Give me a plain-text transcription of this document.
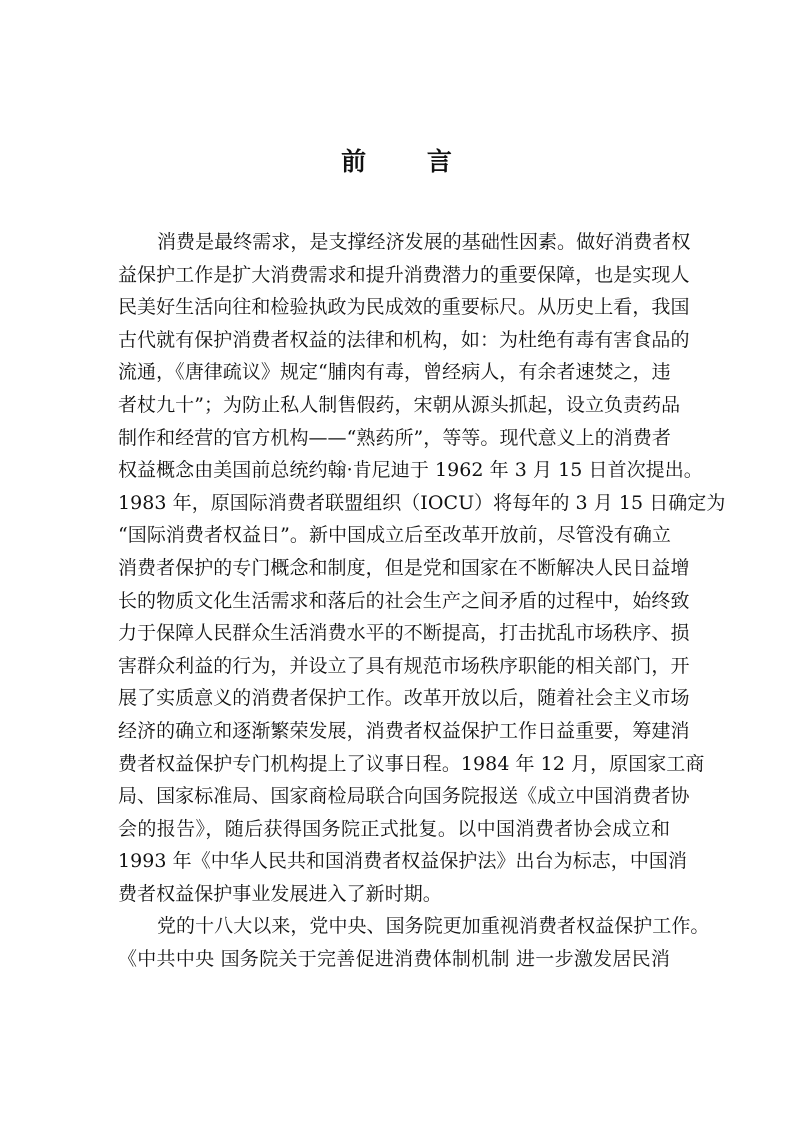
前 言
消费是最终需求，是支撑经济发展的基础性因素。做好消费者权
益保护工作是扩大消费需求和提升消费潜力的重要保障，也是实现人
民美好生活向往和检验执政为民成效的重要标尺。从历史上看，我国
古代就有保护消费者权益的法律和机构，如：为杜绝有毒有害食品的
流通，《唐律疏议》规定“脯肉有毒，曾经病人，有余者速焚之，违
者杖九十”；为防止私人制售假药，宋朝从源头抓起，设立负责药品
制作和经营的官方机构——“熟药所”，等等。现代意义上的消费者
权益概念由美国前总统约翰·肯尼迪于 1962 年 3 月 15 日首次提出。
1983 年，原国际消费者联盟组织（IOCU）将每年的 3 月 15 日确定为
“国际消费者权益日”。新中国成立后至改革开放前，尽管没有确立
消费者保护的专门概念和制度，但是党和国家在不断解决人民日益增
长的物质文化生活需求和落后的社会生产之间矛盾的过程中，始终致
力于保障人民群众生活消费水平的不断提高，打击扰乱市场秩序、损
害群众利益的行为，并设立了具有规范市场秩序职能的相关部门，开
展了实质意义的消费者保护工作。改革开放以后，随着社会主义市场
经济的确立和逐渐繁荣发展，消费者权益保护工作日益重要，筹建消
费者权益保护专门机构提上了议事日程。1984 年 12 月，原国家工商
局、国家标准局、国家商检局联合向国务院报送《成立中国消费者协
会的报告》，随后获得国务院正式批复。以中国消费者协会成立和
1993 年《中华人民共和国消费者权益保护法》出台为标志，中国消
费者权益保护事业发展进入了新时期。
党的十八大以来，党中央、国务院更加重视消费者权益保护工作。
《中共中央 国务院关于完善促进消费体制机制 进一步激发居民消
